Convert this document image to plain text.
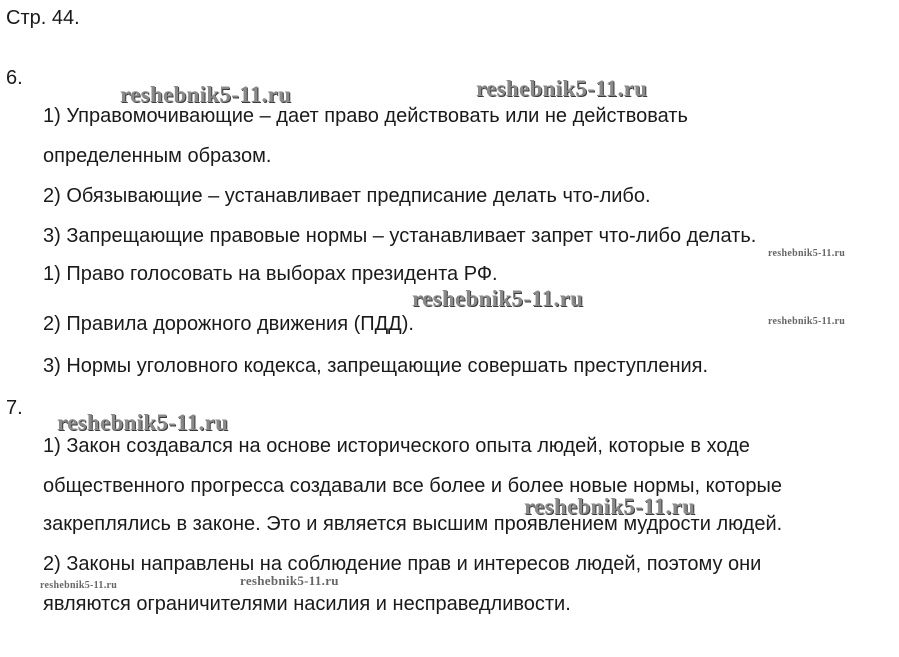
Стр. 44.
6.
1) Управомочивающие – дает право действовать или не действовать
определенным образом.
2) Обязывающие – устанавливает предписание делать что-либо.
3) Запрещающие правовые нормы – устанавливает запрет что-либо делать.
1) Право голосовать на выборах президента РФ.
2) Правила дорожного движения (ПДД).
3) Нормы уголовного кодекса, запрещающие совершать преступления.
7.
1) Закон создавался на основе исторического опыта людей, которые в ходе
общественного прогресса создавали все более и более новые нормы, которые
закреплялись в законе. Это и является высшим проявлением мудрости людей.
2) Законы направлены на соблюдение прав и интересов людей, поэтому они
являются ограничителями насилия и несправедливости.
reshebnik5-11.ru	reshebnik5-11.ru
reshebnik5-11.ru
reshebnik5-11.ru
reshebnik5-11.ru
reshebnik5-11.ru
reshebnik5-11.ru
reshebnik5-11.ru	reshebnik5-11.ru
